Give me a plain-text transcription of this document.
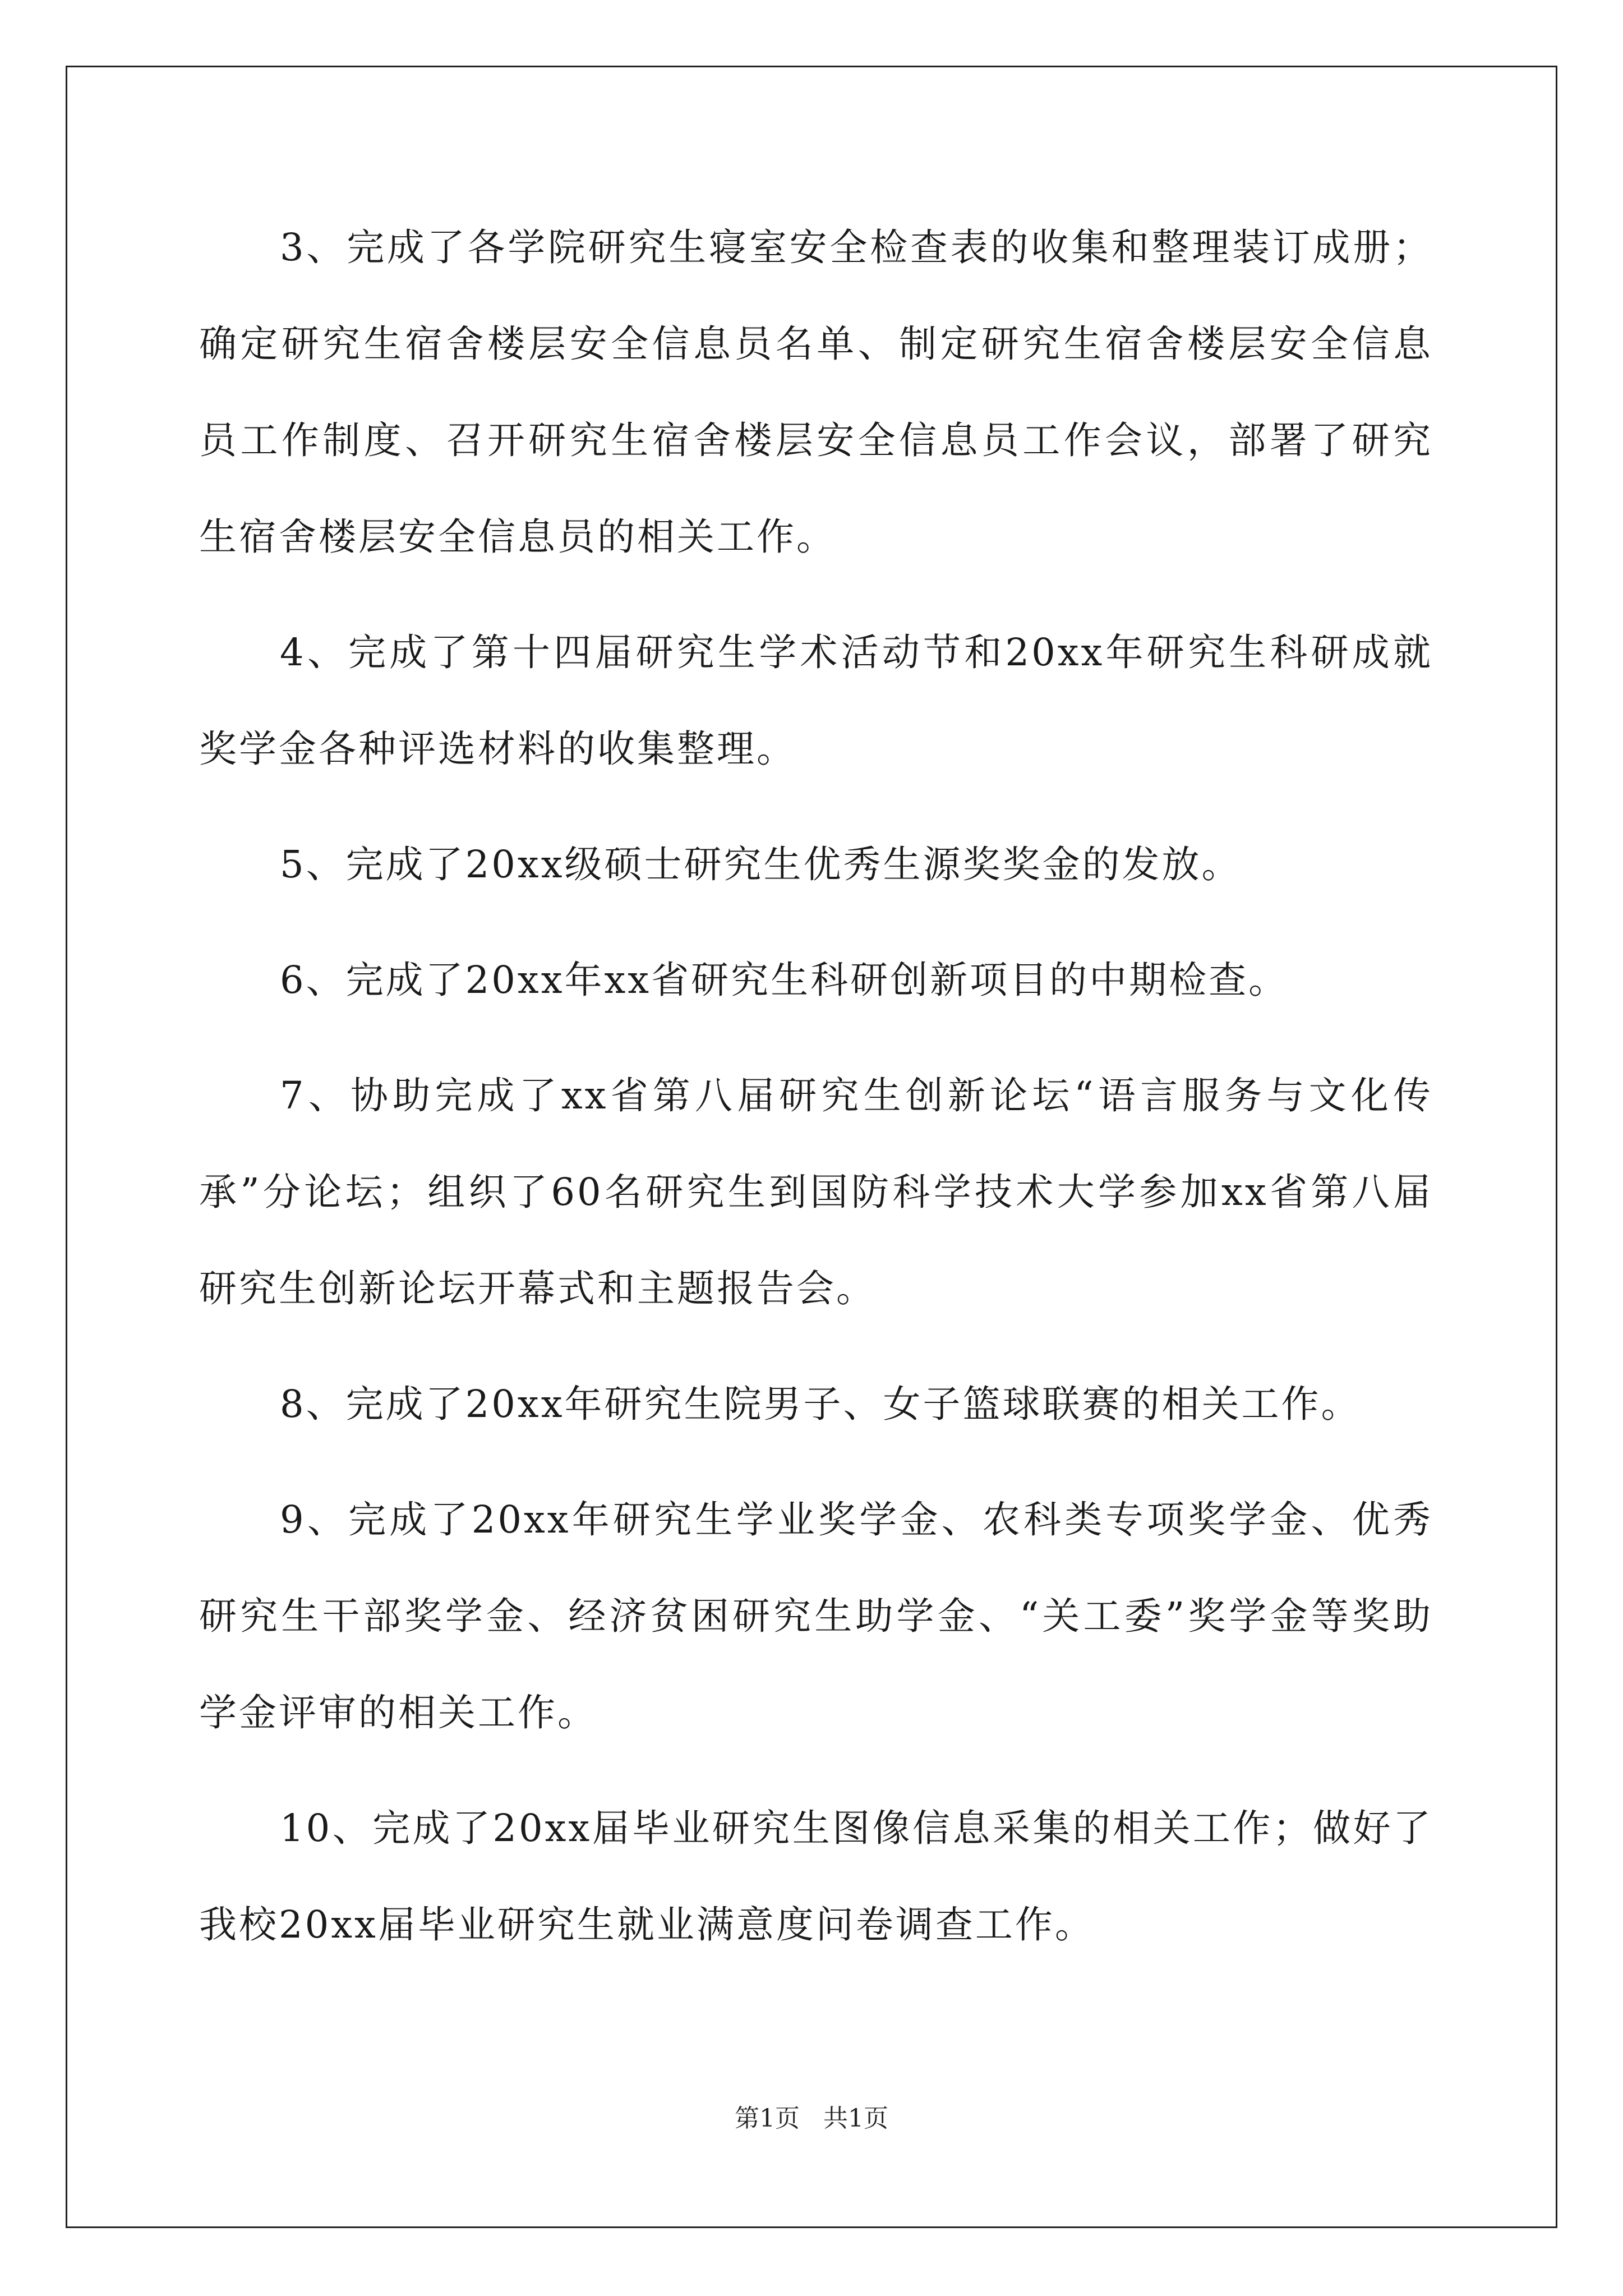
3、完成了各学院研究生寝室安全检查表的收集和整理装订成册；确定研究生宿舍楼层安全信息员名单、制定研究生宿舍楼层安全信息员工作制度、召开研究生宿舍楼层安全信息员工作会议，部署了研究生宿舍楼层安全信息员的相关工作。

4、完成了第十四届研究生学术活动节和20xx年研究生科研成就奖学金各种评选材料的收集整理。

5、完成了20xx级硕士研究生优秀生源奖奖金的发放。

6、完成了20xx年xx省研究生科研创新项目的中期检查。

7、协助完成了xx省第八届研究生创新论坛“语言服务与文化传承”分论坛；组织了60名研究生到国防科学技术大学参加xx省第八届研究生创新论坛开幕式和主题报告会。

8、完成了20xx年研究生院男子、女子篮球联赛的相关工作。

9、完成了20xx年研究生学业奖学金、农科类专项奖学金、优秀研究生干部奖学金、经济贫困研究生助学金、“关工委”奖学金等奖助学金评审的相关工作。

10、完成了20xx届毕业研究生图像信息采集的相关工作；做好了我校20xx届毕业研究生就业满意度问卷调查工作。

第1页 共1页
